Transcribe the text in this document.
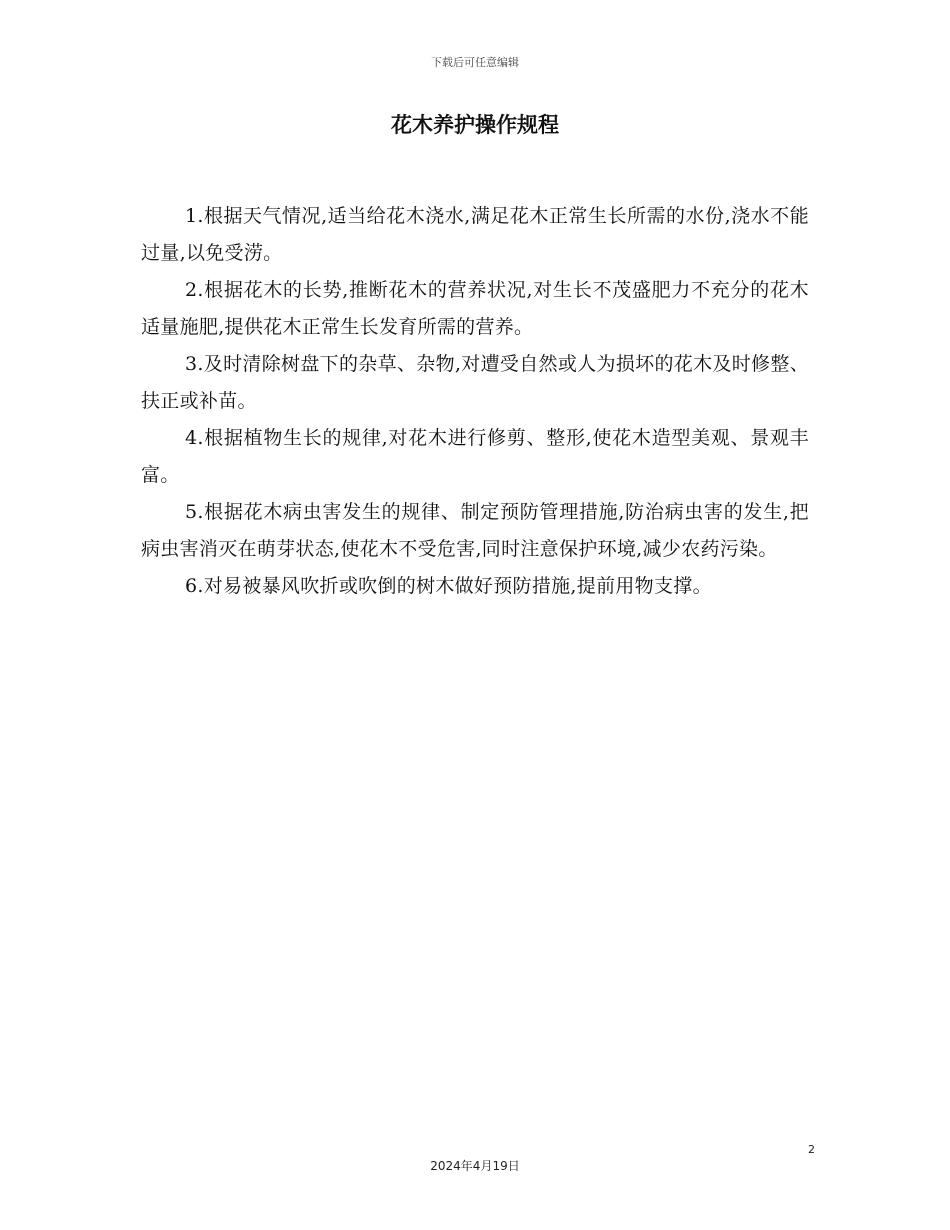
下载后可任意编辑
花木养护操作规程

1.根据天气情况,适当给花木浇水,满足花木正常生长所需的水份,浇水不能过量,以免受涝。

2.根据花木的长势,推断花木的营养状况,对生长不茂盛肥力不充分的花木适量施肥,提供花木正常生长发育所需的营养。

3.及时清除树盘下的杂草、杂物,对遭受自然或人为损坏的花木及时修整、扶正或补苗。

4.根据植物生长的规律,对花木进行修剪、整形,使花木造型美观、景观丰富。

5.根据花木病虫害发生的规律、制定预防管理措施,防治病虫害的发生,把病虫害消灭在萌芽状态,使花木不受危害,同时注意保护环境,减少农药污染。

6.对易被暴风吹折或吹倒的树木做好预防措施,提前用物支撑。

2
2024年4月19日
